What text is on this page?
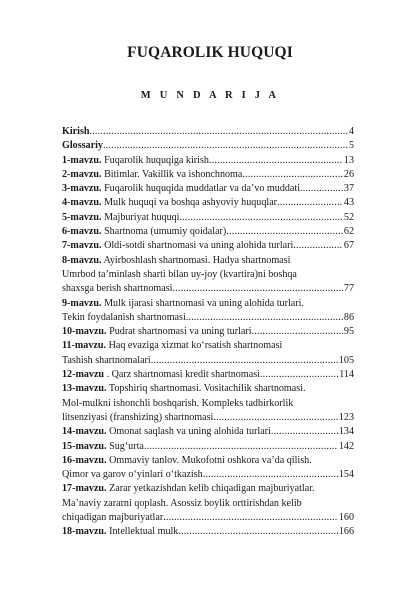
FUQAROLIK HUQUQI
M U N D A R I J A
Kirish .....	4
Glossariy .....	5
1-mavzu. Fuqarolik huquqiga kirish .....	13
2-mavzu. Bitimlar. Vakillik va ishonchnoma .....	26
3-mavzu. Fuqarolik huquqida muddatlar va da’vo muddati .....	37
4-mavzu. Mulk huquqi va boshqa ashyoviy huquqlar .....	43
5-mavzu. Majburiyat huquqi .....	52
6-mavzu. Shartnoma (umumiy qoidalar) .....	62
7-mavzu. Oldi-sotdi shartnomasi va uning alohida turlari .....	67
8-mavzu. Ayirboshlash shartnomasi. Hadya shartnomasi
Umrbod ta’minlash sharti bilan uy-joy (kvartira)ni boshqa
shaxsga berish shartnomasi .....	77
9-mavzu. Mulk ijarasi shartnomasi va uning alohida turlari.
Tekin foydalanish shartnomasi .....	86
10-mavzu. Pudrat shartnomasi va uning turlari .....	95
11-mavzu. Haq evaziga xizmat ko‘rsatish shartnomasi
Tashish shartnomalari .....	105
12-mavzu . Qarz shartnomasi kredit shartnomasi .....	114
13-mavzu. Topshiriq shartnomasi. Vositachilik shartnomasi.
Mol-mulkni ishonchli boshqarish. Kompleks tadbirkorlik
litsenziyasi (franshizing) shartnomasi .....	123
14-mavzu. Omonat saqlash va uning alohida turlari .....	134
15-mavzu. Sug‘urta .....	142
16-mavzu. Ommaviy tanlov. Mukofotni oshkora va’da qilish.
Qimor va garov o‘yinlari o‘tkazish .....	154
17-mavzu. Zarar yetkazishdan kelib chiqadigan majburiyatlar.
Ma’naviy zararni qoplash. Asossiz boylik orttirishdan kelib
chiqadigan majburiyatlar .....	160
18-mavzu. Intellektual mulk .....	166
